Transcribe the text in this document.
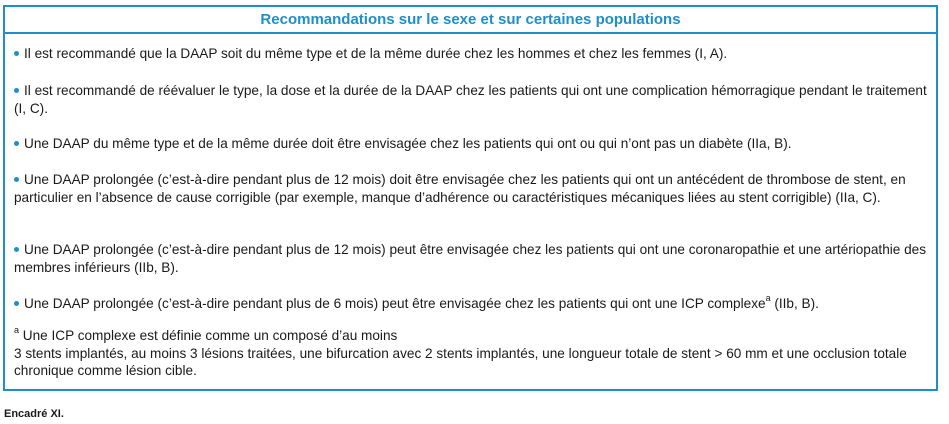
Recommandations sur le sexe et sur certaines populations
Il est recommandé que la DAAP soit du même type et de la même durée chez les hommes et chez les femmes (I, A).
Il est recommandé de réévaluer le type, la dose et la durée de la DAAP chez les patients qui ont une complication hémorragique pendant le traitement (I, C).
Une DAAP du même type et de la même durée doit être envisagée chez les patients qui ont ou qui n’ont pas un diabète (IIa, B).
Une DAAP prolongée (c’est-à-dire pendant plus de 12 mois) doit être envisagée chez les patients qui ont un antécédent de thrombose de stent, en particulier en l’absence de cause corrigible (par exemple, manque d’adhérence ou caractéristiques mécaniques liées au stent corrigible) (IIa, C).
Une DAAP prolongée (c’est-à-dire pendant plus de 12 mois) peut être envisagée chez les patients qui ont une coronaropathie et une artériopathie des membres inférieurs (IIb, B).
Une DAAP prolongée (c’est-à-dire pendant plus de 6 mois) peut être envisagée chez les patients qui ont une ICP complexe$^a$ (IIb, B).
$^a$ Une ICP complexe est définie comme un composé d’au moins
3 stents implantés, au moins 3 lésions traitées, une bifurcation avec 2 stents implantés, une longueur totale de stent > 60 mm et une occlusion totale chronique comme lésion cible.
Encadré XI.
